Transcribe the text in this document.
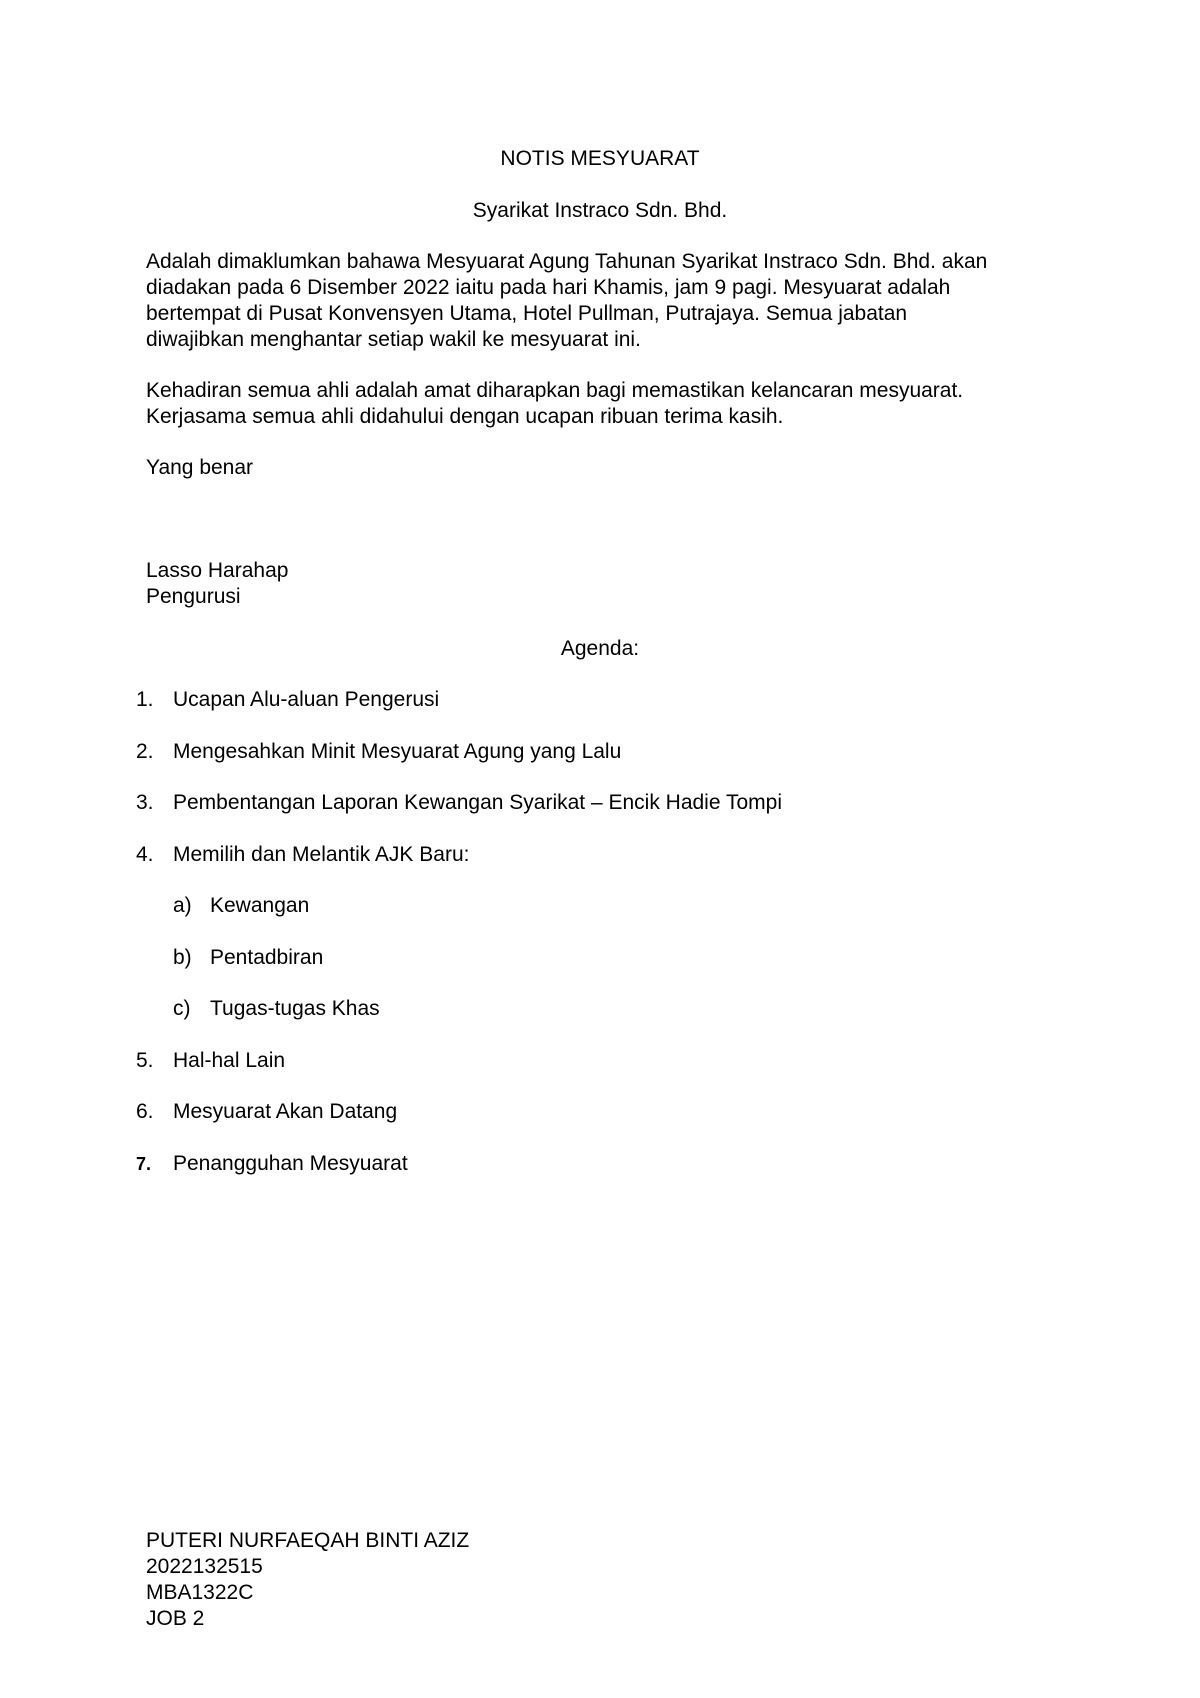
NOTIS MESYUARAT

Syarikat Instraco Sdn. Bhd.

Adalah dimaklumkan bahawa Mesyuarat Agung Tahunan Syarikat Instraco Sdn. Bhd. akan
diadakan pada 6 Disember 2022 iaitu pada hari Khamis, jam 9 pagi. Mesyuarat adalah
bertempat di Pusat Konvensyen Utama, Hotel Pullman, Putrajaya. Semua jabatan
diwajibkan menghantar setiap wakil ke mesyuarat ini.
Kehadiran semua ahli adalah amat diharapkan bagi memastikan kelancaran mesyuarat.
Kerjasama semua ahli didahului dengan ucapan ribuan terima kasih.

Yang benar

Lasso Harahap

Pengurusi

Agenda:

1. Ucapan Alu-aluan Pengerusi

2. Mengesahkan Minit Mesyuarat Agung yang Lalu

3. Pembentangan Laporan Kewangan Syarikat – Encik Hadie Tompi

4. Memilih dan Melantik AJK Baru:

a) Kewangan

b) Pentadbiran

c) Tugas-tugas Khas

5. Hal-hal Lain

6. Mesyuarat Akan Datang

7. Penangguhan Mesyuarat

PUTERI NURFAEQAH BINTI AZIZ
2022132515
MBA1322C
JOB 2
